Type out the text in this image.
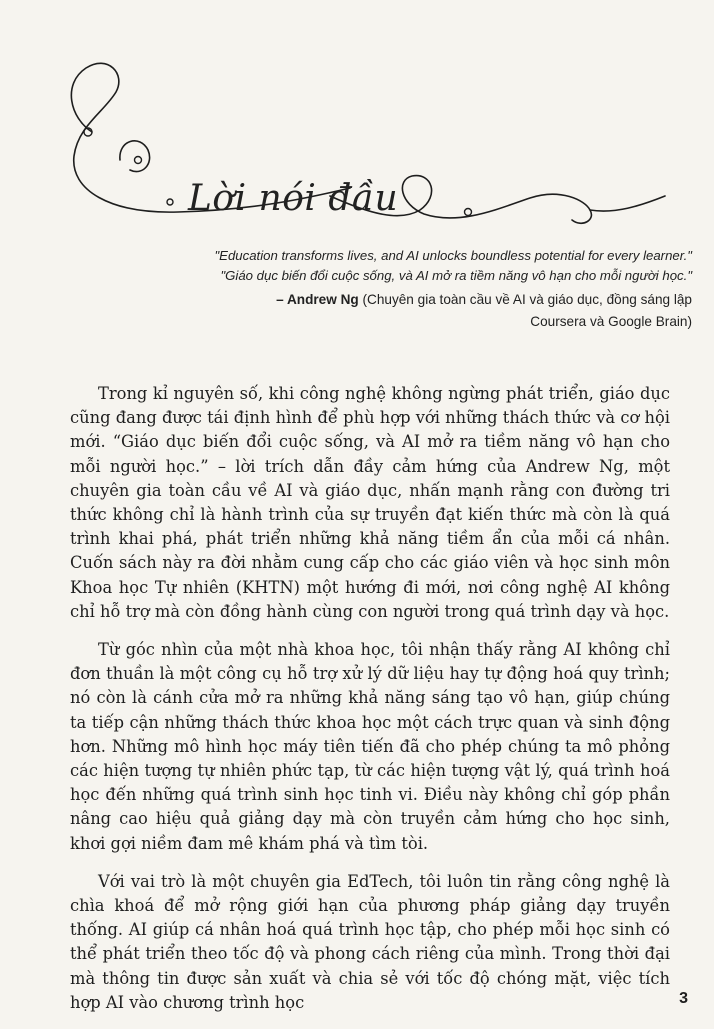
Lời nói đầu
"Education transforms lives, and AI unlocks boundless potential for every learner."
"Giáo dục biến đổi cuộc sống, và AI mở ra tiềm năng vô hạn cho mỗi người học."
– Andrew Ng (Chuyên gia toàn cầu về AI và giáo dục, đồng sáng lập Coursera và Google Brain)

Trong kỉ nguyên số, khi công nghệ không ngừng phát triển, giáo dục cũng đang được tái định hình để phù hợp với những thách thức và cơ hội mới. “Giáo dục biến đổi cuộc sống, và AI mở ra tiềm năng vô hạn cho mỗi người học.” – lời trích dẫn đầy cảm hứng của Andrew Ng, một chuyên gia toàn cầu về AI và giáo dục, nhấn mạnh rằng con đường tri thức không chỉ là hành trình của sự truyền đạt kiến thức mà còn là quá trình khai phá, phát triển những khả năng tiềm ẩn của mỗi cá nhân. Cuốn sách này ra đời nhằm cung cấp cho các giáo viên và học sinh môn Khoa học Tự nhiên (KHTN) một hướng đi mới, nơi công nghệ AI không chỉ hỗ trợ mà còn đồng hành cùng con người trong quá trình dạy và học.

Từ góc nhìn của một nhà khoa học, tôi nhận thấy rằng AI không chỉ đơn thuần là một công cụ hỗ trợ xử lý dữ liệu hay tự động hoá quy trình; nó còn là cánh cửa mở ra những khả năng sáng tạo vô hạn, giúp chúng ta tiếp cận những thách thức khoa học một cách trực quan và sinh động hơn. Những mô hình học máy tiên tiến đã cho phép chúng ta mô phỏng các hiện tượng tự nhiên phức tạp, từ các hiện tượng vật lý, quá trình hoá học đến những quá trình sinh học tinh vi. Điều này không chỉ góp phần nâng cao hiệu quả giảng dạy mà còn truyền cảm hứng cho học sinh, khơi gợi niềm đam mê khám phá và tìm tòi.

Với vai trò là một chuyên gia EdTech, tôi luôn tin rằng công nghệ là chìa khoá để mở rộng giới hạn của phương pháp giảng dạy truyền thống. AI giúp cá nhân hoá quá trình học tập, cho phép mỗi học sinh có thể phát triển theo tốc độ và phong cách riêng của mình. Trong thời đại mà thông tin được sản xuất và chia sẻ với tốc độ chóng mặt, việc tích hợp AI vào chương trình học	3
